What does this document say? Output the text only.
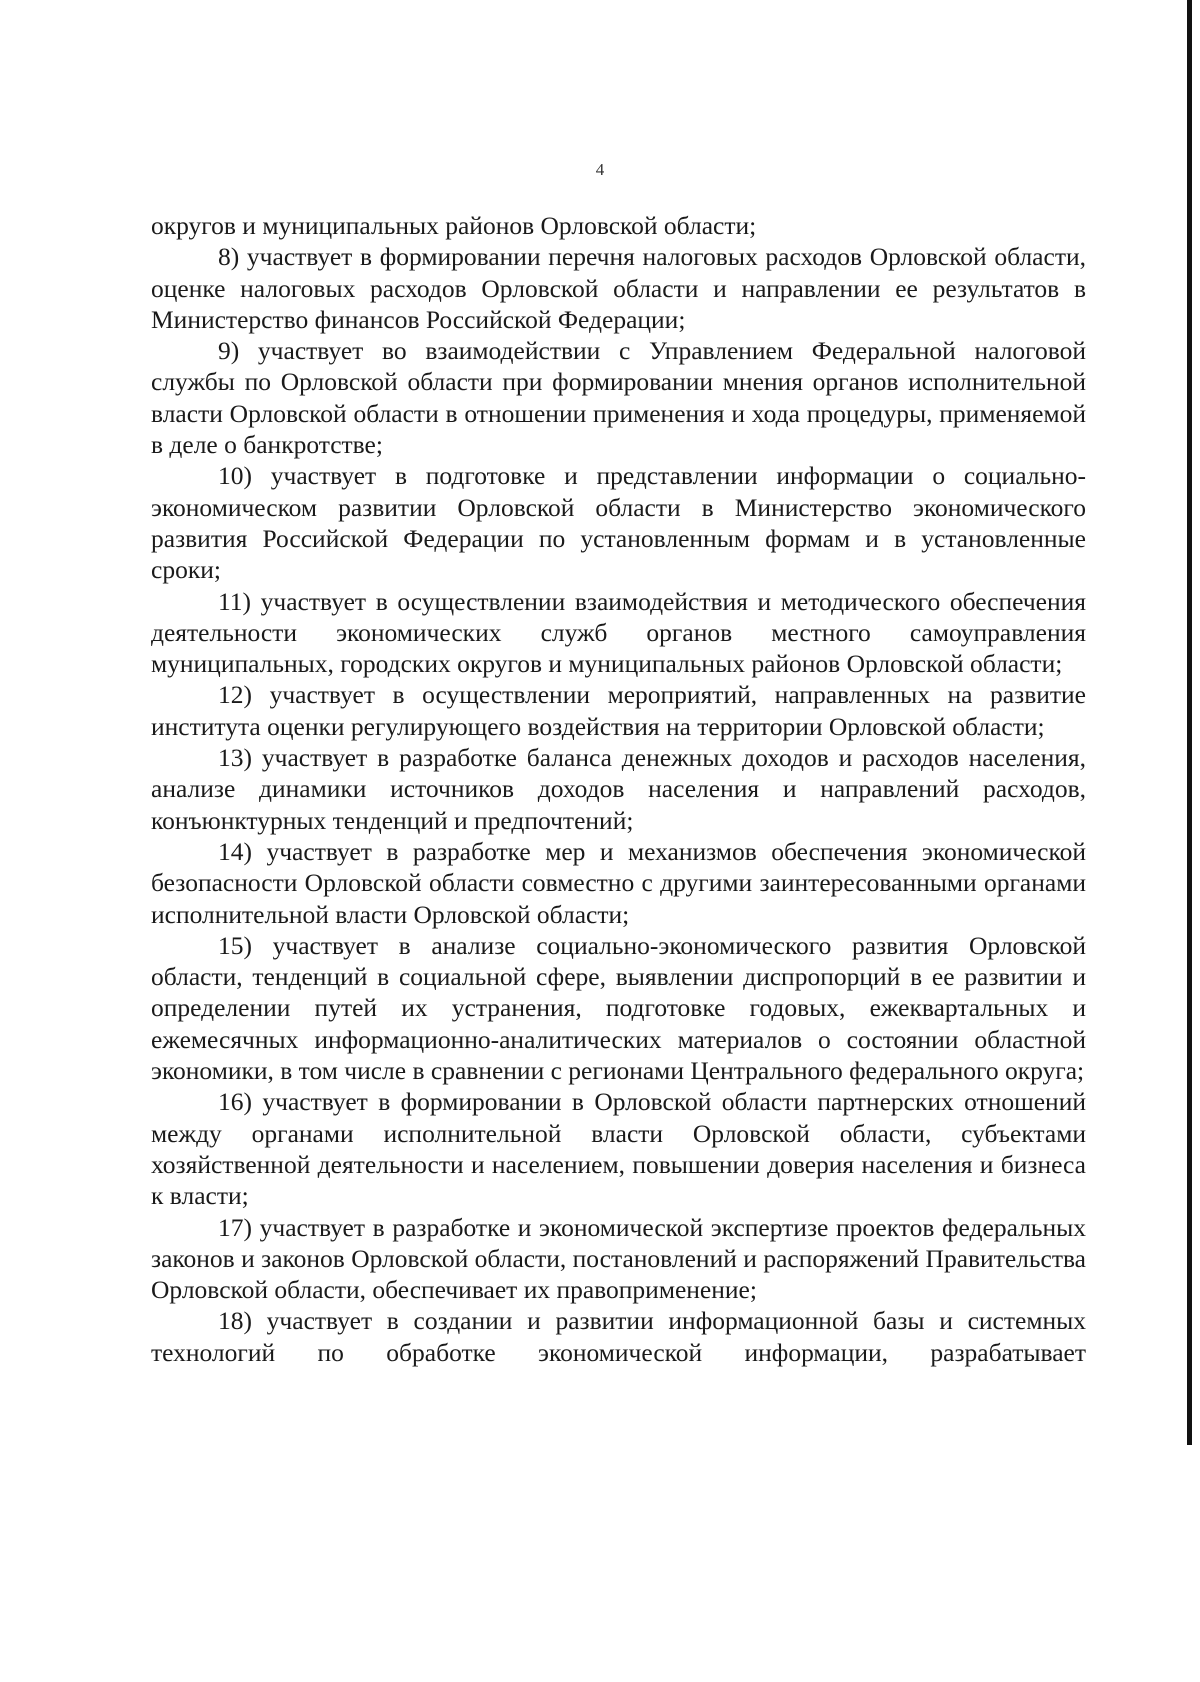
4

округов и муниципальных районов Орловской области;

8) участвует в формировании перечня налоговых расходов Орловской области, оценке налоговых расходов Орловской области и направлении ее результатов в Министерство финансов Российской Федерации;

9) участвует во взаимодействии с Управлением Федеральной налоговой службы по Орловской области при формировании мнения органов исполнительной власти Орловской области в отношении применения и хода процедуры, применяемой в деле о банкротстве;

10) участвует в подготовке и представлении информации о социально-экономическом развитии Орловской области в Министерство экономического развития Российской Федерации по установленным формам и в установленные сроки;

11) участвует в осуществлении взаимодействия и методического обеспечения деятельности экономических служб органов местного самоуправления муниципальных, городских округов и муниципальных районов Орловской области;

12) участвует в осуществлении мероприятий, направленных на развитие института оценки регулирующего воздействия на территории Орловской области;

13) участвует в разработке баланса денежных доходов и расходов населения, анализе динамики источников доходов населения и направлений расходов, конъюнктурных тенденций и предпочтений;

14) участвует в разработке мер и механизмов обеспечения экономической безопасности Орловской области совместно с другими заинтересованными органами исполнительной власти Орловской области;

15) участвует в анализе социально-экономического развития Орловской области, тенденций в социальной сфере, выявлении диспропорций в ее развитии и определении путей их устранения, подготовке годовых, ежеквартальных и ежемесячных информационно-аналитических материалов о состоянии областной экономики, в том числе в сравнении с регионами Центрального федерального округа;

16) участвует в формировании в Орловской области партнерских отношений между органами исполнительной власти Орловской области, субъектами хозяйственной деятельности и населением, повышении доверия населения и бизнеса к власти;

17) участвует в разработке и экономической экспертизе проектов федеральных законов и законов Орловской области, постановлений и распоряжений Правительства Орловской области, обеспечивает их правоприменение;

18) участвует в создании и развитии информационной базы и системных технологий по обработке экономической информации, разрабатывает
